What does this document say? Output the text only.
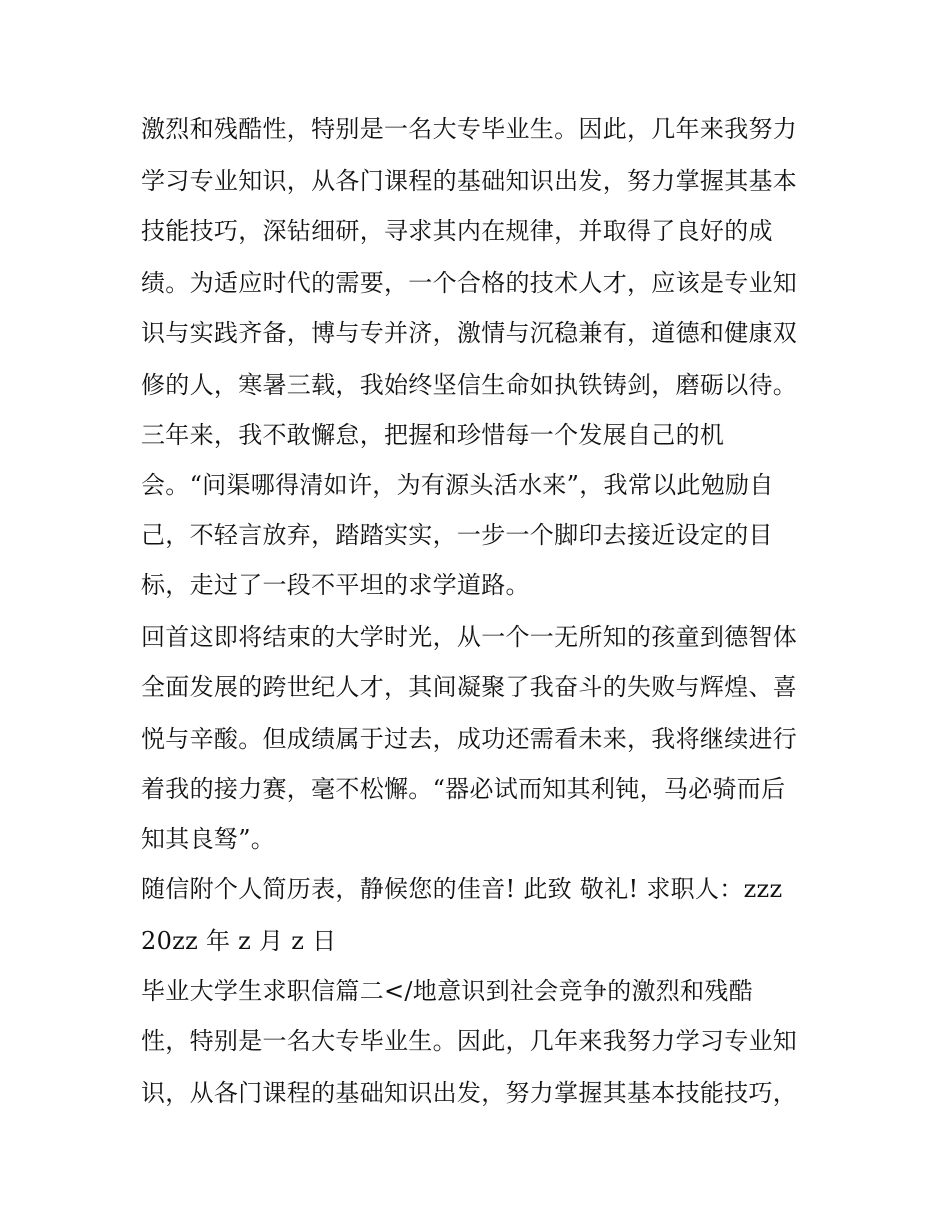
激烈和残酷性，特别是一名大专毕业生。因此，几年来我努力
学习专业知识，从各门课程的基础知识出发，努力掌握其基本
技能技巧，深钻细研，寻求其内在规律，并取得了良好的成
绩。为适应时代的需要，一个合格的技术人才，应该是专业知
识与实践齐备，博与专并济，激情与沉稳兼有，道德和健康双
修的人，寒暑三载，我始终坚信生命如执铁铸剑，磨砺以待。
三年来，我不敢懈怠，把握和珍惜每一个发展自己的机
会。“问渠哪得清如许，为有源头活水来”，我常以此勉励自
己，不轻言放弃，踏踏实实，一步一个脚印去接近设定的目
标，走过了一段不平坦的求学道路。
回首这即将结束的大学时光，从一个一无所知的孩童到德智体
全面发展的跨世纪人才，其间凝聚了我奋斗的失败与辉煌、喜
悦与辛酸。但成绩属于过去，成功还需看未来，我将继续进行
着我的接力赛，毫不松懈。“器必试而知其利钝，马必骑而后
知其良驽”。
随信附个人简历表，静候您的佳音! 此致 敬礼! 求职人：zzz
20zz 年 z 月 z 日
毕业大学生求职信篇二</地意识到社会竞争的激烈和残酷
性，特别是一名大专毕业生。因此，几年来我努力学习专业知
识，从各门课程的基础知识出发，努力掌握其基本技能技巧，
